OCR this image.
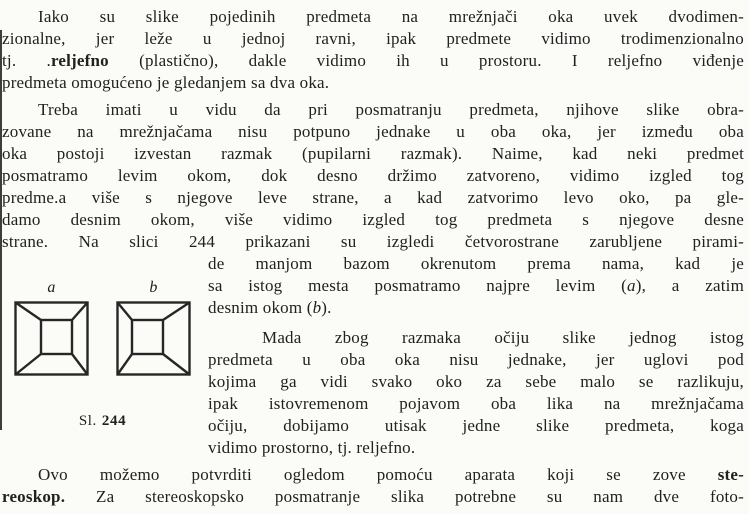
Iako su slike pojedinih predmeta na mrežnjači oka uvek dvodimen-
zionalne, jer leže u jednoj ravni, ipak predmete vidimo trodimenzionalno
tj. .reljefno (plastično), dakle vidimo ih u prostoru. I reljefno viđenje
predmeta omogućeno je gledanjem sa dva oka.
Treba imati u vidu da pri posmatranju predmeta, njihove slike obra-
zovane na mrežnjačama nisu potpuno jednake u oba oka, jer između oba
oka postoji izvestan razmak (pupilarni razmak). Naime, kad neki predmet
posmatramo levim okom, dok desno držimo zatvoreno, vidimo izgled tog
predme.a više s njegove leve strane, a kad zatvorimo levo oko, pa gle-
damo desnim okom, više vidimo izgled tog predmeta s njegove desne
strane. Na slici 244 prikazani su izgledi četvorostrane zarubljene pirami-
a	b
Sl. 244
de manjom bazom okrenutom prema nama, kad je
sa istog mesta posmatramo najpre levim (a), a zatim
desnim okom (b).
Mada zbog razmaka očiju slike jednog istog
predmeta u oba oka nisu jednake, jer uglovi pod
kojima ga vidi svako oko za sebe malo se razlikuju,
ipak istovremenom pojavom oba lika na mrežnjačama
očiju, dobijamo utisak jedne slike predmeta, koga
vidimo prostorno, tj. reljefno.
Ovo možemo potvrditi ogledom pomoću aparata koji se zove ste-
reoskop. Za stereoskopsko posmatranje slika potrebne su nam dve foto-
